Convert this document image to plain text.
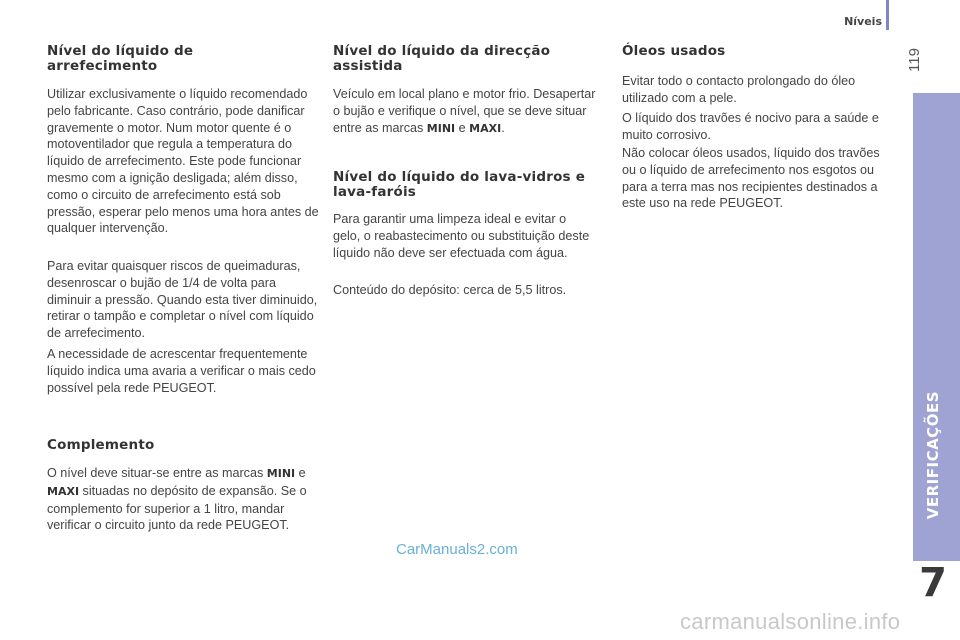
Níveis
119
VERIFICAÇÕES
7
Nível do líquido de arrefecimento

Utilizar exclusivamente o líquido recomendado pelo fabricante. Caso contrário, pode danificar gravemente o motor. Num motor quente é o motoventilador que regula a temperatura do líquido de arrefecimento. Este pode funcionar mesmo com a ignição desligada; além disso, como o circuito de arrefecimento está sob pressão, esperar pelo menos uma hora antes de qualquer intervenção.

Para evitar quaisquer riscos de queimaduras, desenroscar o bujão de 1/4 de volta para diminuir a pressão. Quando esta tiver diminuido, retirar o tampão e completar o nível com líquido de arrefecimento.

A necessidade de acrescentar frequentemente líquido indica uma avaria a verificar o mais cedo possível pela rede PEUGEOT.

Complemento

O nível deve situar-se entre as marcas MINI e MAXI situadas no depósito de expansão. Se o complemento for superior a 1 litro, mandar verificar o circuito junto da rede PEUGEOT.

Nível do líquido da direcção assistida

Veículo em local plano e motor frio. Desapertar o bujão e verifique o nível, que se deve situar entre as marcas MINI e MAXI.

Nível do líquido do lava-vidros e lava-faróis

Para garantir uma limpeza ideal e evitar o gelo, o reabastecimento ou substituição deste líquido não deve ser efectuada com água.

Conteúdo do depósito: cerca de 5,5 litros.

Óleos usados

Evitar todo o contacto prolongado do óleo utilizado com a pele.

O líquido dos travões é nocivo para a saúde e muito corrosivo.

Não colocar óleos usados, líquido dos travões ou o líquido de arrefecimento nos esgotos ou para a terra mas nos recipientes destinados a este uso na rede PEUGEOT.

CarManuals2.com
carmanualsonline.info
